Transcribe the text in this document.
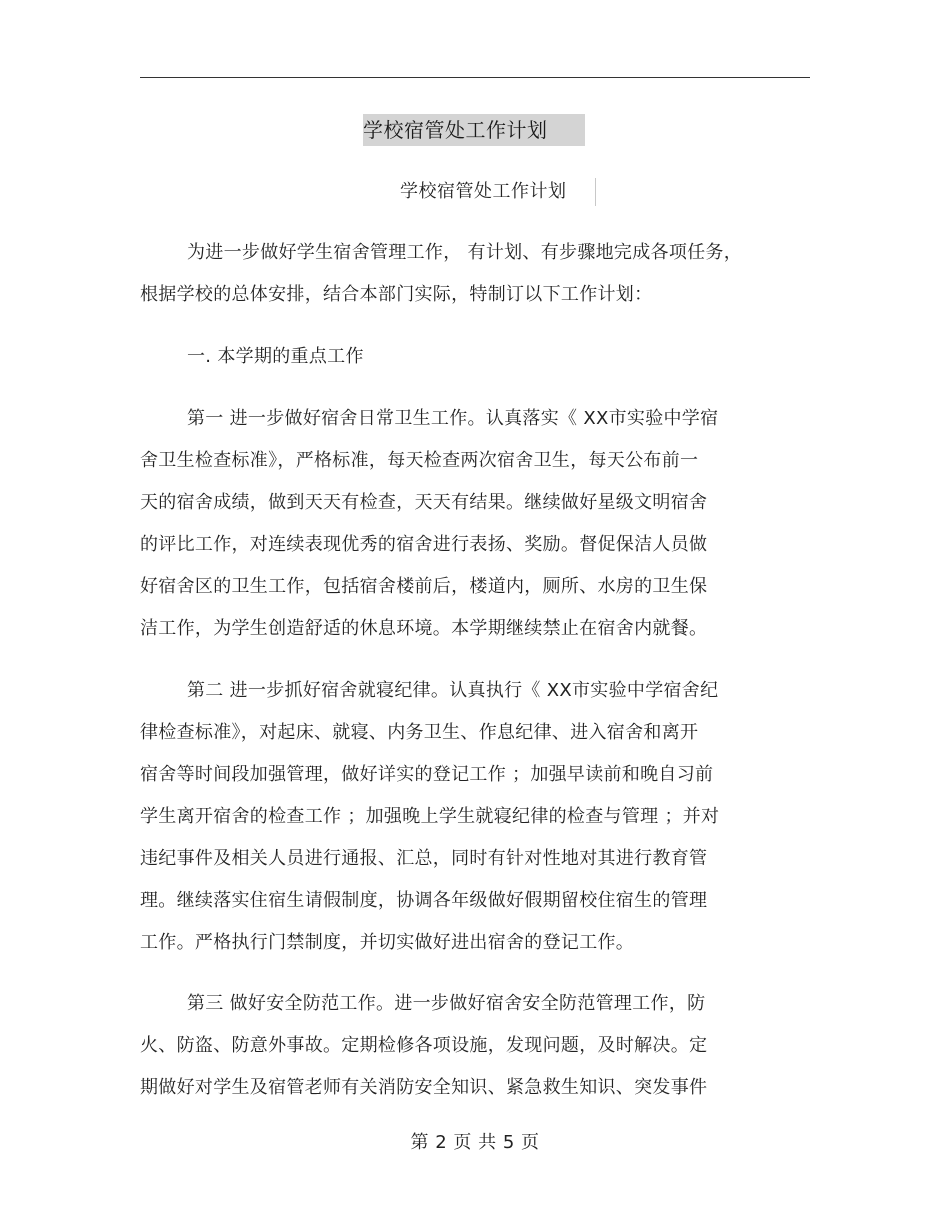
学校宿管处工作计划
学校宿管处工作计划
为进一步做好学生宿舍管理工作， 有计划、有步骤地完成各项任务，
根据学校的总体安排，结合本部门实际，特制订以下工作计划：
一. 本学期的重点工作
第一 进一步做好宿舍日常卫生工作。认真落实《 XX市实验中学宿
舍卫生检查标准》，严格标准，每天检查两次宿舍卫生，每天公布前一
天的宿舍成绩，做到天天有检查，天天有结果。继续做好星级文明宿舍
的评比工作，对连续表现优秀的宿舍进行表扬、奖励。督促保洁人员做
好宿舍区的卫生工作，包括宿舍楼前后，楼道内，厕所、水房的卫生保
洁工作，为学生创造舒适的休息环境。本学期继续禁止在宿舍内就餐。
第二 进一步抓好宿舍就寝纪律。认真执行《 XX市实验中学宿舍纪
律检查标准》，对起床、就寝、内务卫生、作息纪律、进入宿舍和离开
宿舍等时间段加强管理，做好详实的登记工作 ；加强早读前和晚自习前
学生离开宿舍的检查工作 ；加强晚上学生就寝纪律的检查与管理 ；并对
违纪事件及相关人员进行通报、汇总，同时有针对性地对其进行教育管
理。继续落实住宿生请假制度，协调各年级做好假期留校住宿生的管理
工作。严格执行门禁制度，并切实做好进出宿舍的登记工作。
第三 做好安全防范工作。进一步做好宿舍安全防范管理工作，防
火、防盗、防意外事故。定期检修各项设施，发现问题，及时解决。定
期做好对学生及宿管老师有关消防安全知识、紧急救生知识、突发事件
第 2 页 共 5 页
